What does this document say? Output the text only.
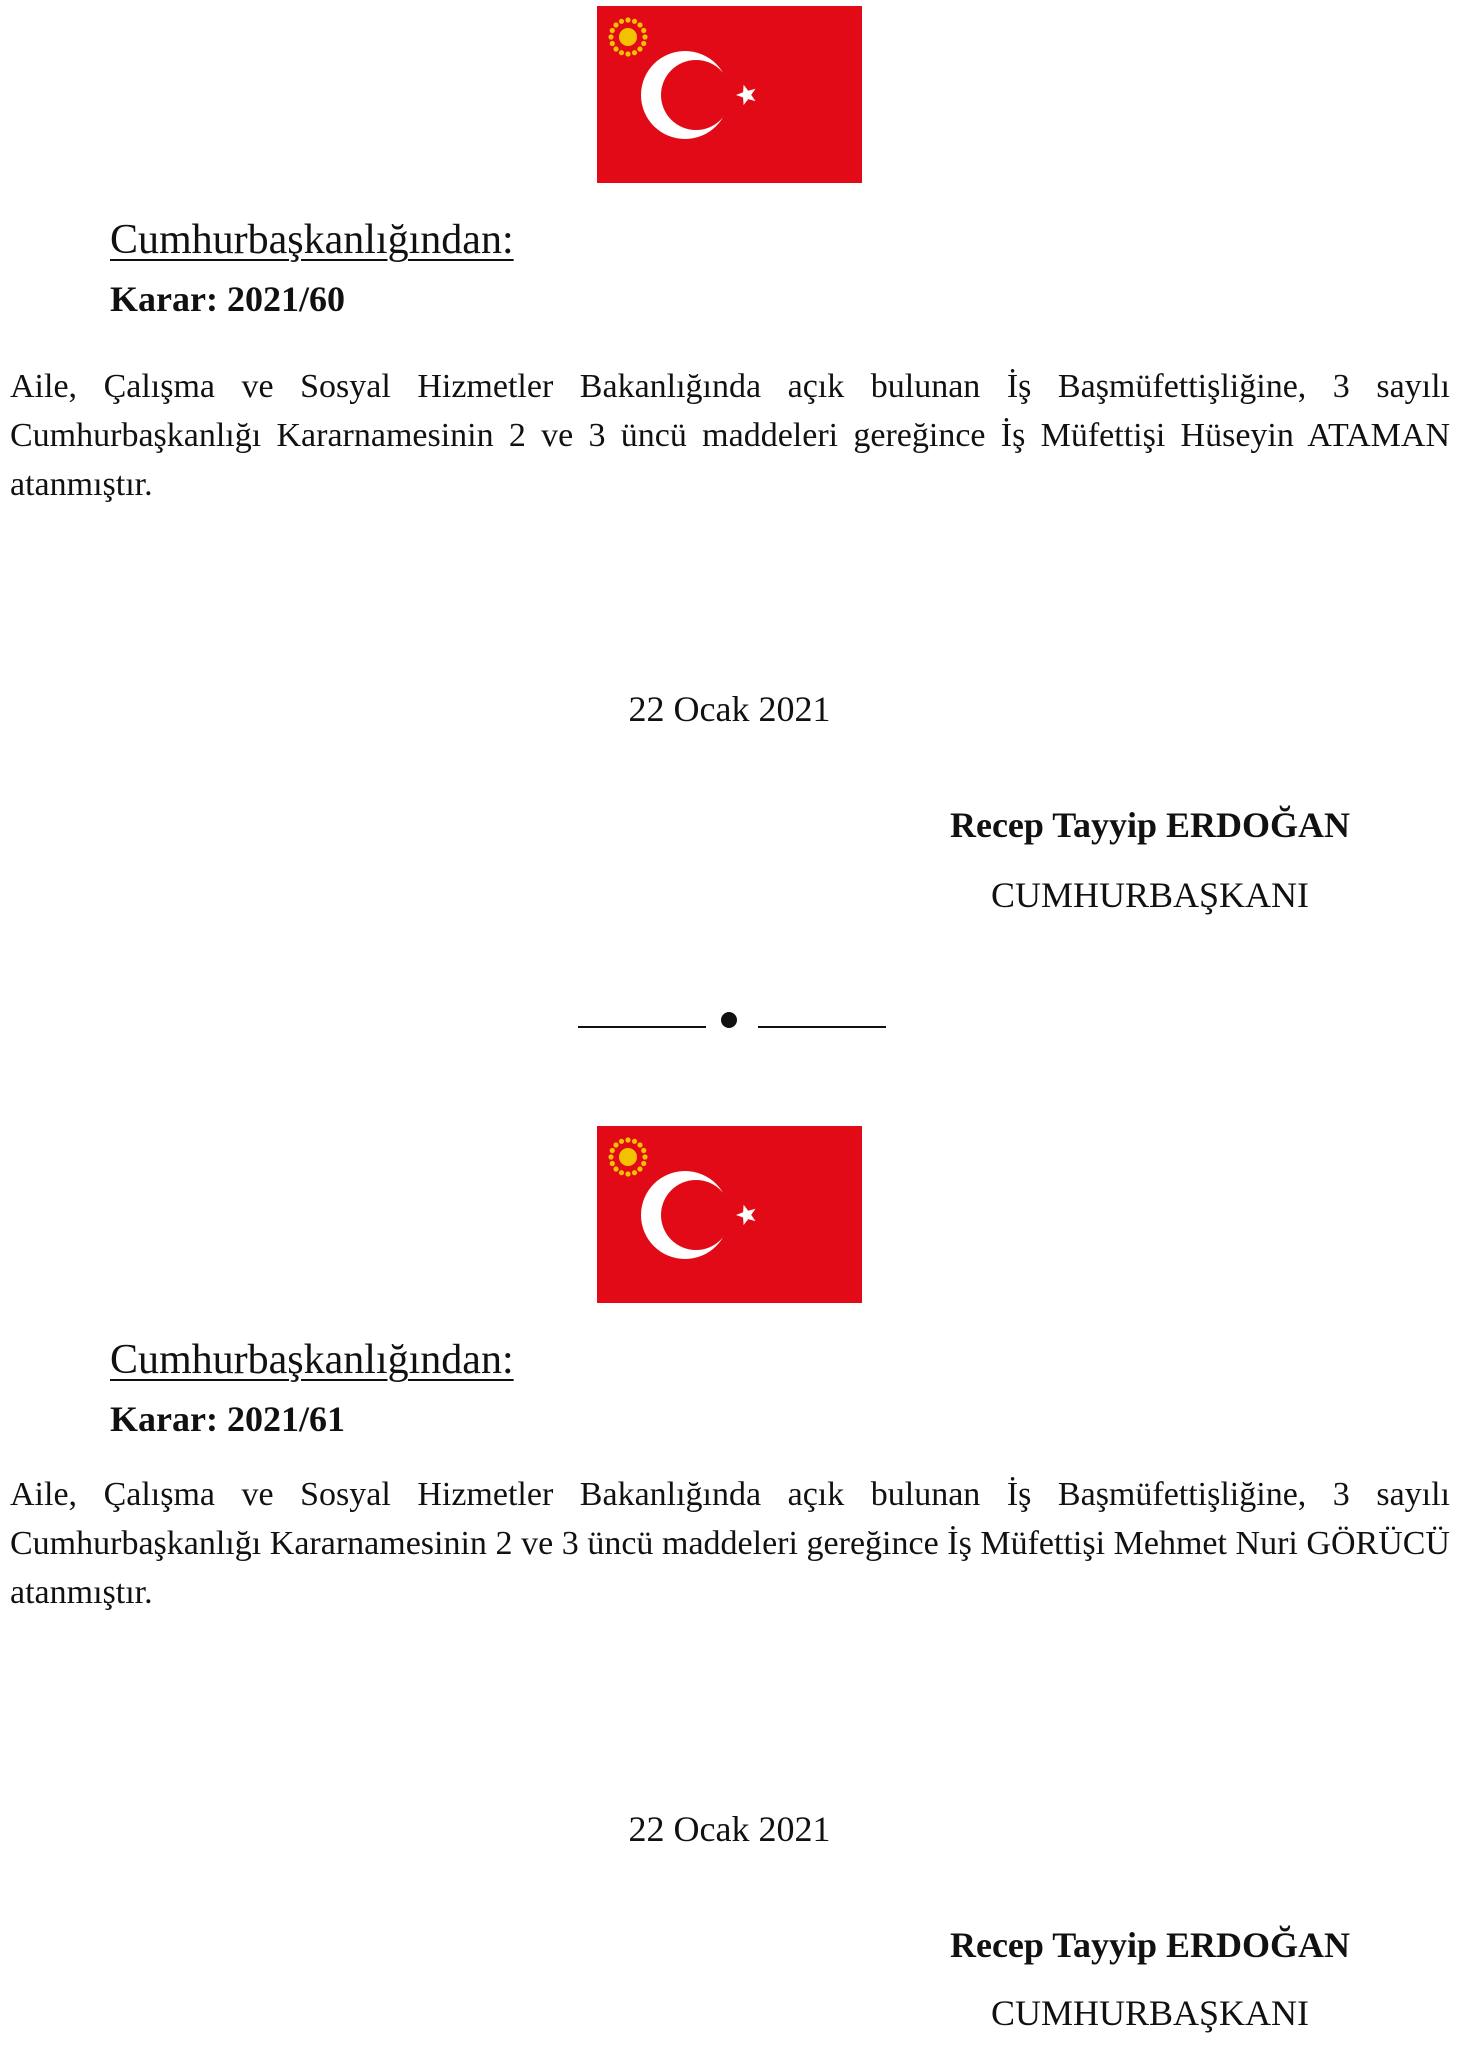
Cumhurbaşkanlığından:
Karar: 2021/60
Aile, Çalışma ve Sosyal Hizmetler Bakanlığında açık bulunan İş Başmüfettişliğine, 3 sayılı Cumhurbaşkanlığı Kararnamesinin 2 ve 3 üncü maddeleri gereğince İş Müfettişi Hüseyin ATAMAN atanmıştır.
22 Ocak 2021
Recep Tayyip ERDOĞAN
CUMHURBAŞKANI
Cumhurbaşkanlığından:
Karar: 2021/61
Aile, Çalışma ve Sosyal Hizmetler Bakanlığında açık bulunan İş Başmüfettişliğine, 3 sayılı Cumhurbaşkanlığı Kararnamesinin 2 ve 3 üncü maddeleri gereğince İş Müfettişi Mehmet Nuri GÖRÜCÜ atanmıştır.
22 Ocak 2021
Recep Tayyip ERDOĞAN
CUMHURBAŞKANI
